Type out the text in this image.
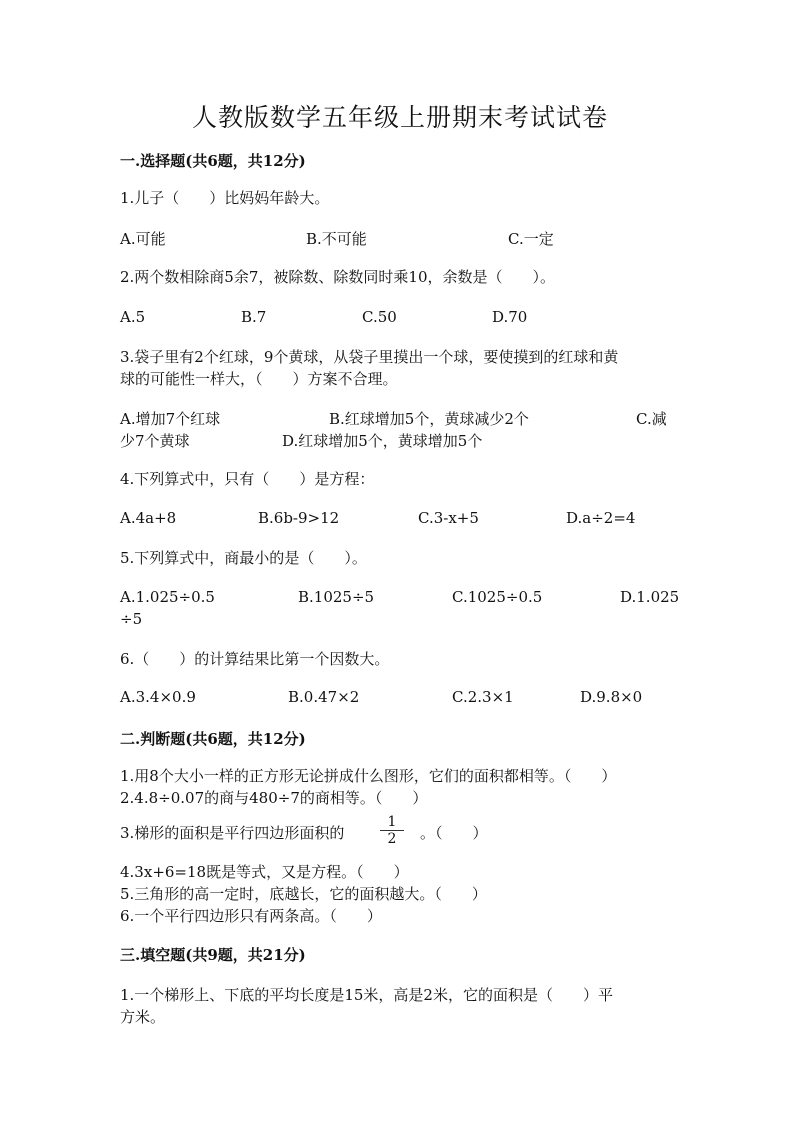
人教版数学五年级上册期末考试试卷
一.选择题(共6题，共12分)
1.儿子（　　）比妈妈年龄大。
A.可能	B.不可能	C.一定
2.两个数相除商5余7，被除数、除数同时乘10，余数是（　　）。
A.5	B.7	C.50	D.70
3.袋子里有2个红球，9个黄球，从袋子里摸出一个球，要使摸到的红球和黄
球的可能性一样大，（　　）方案不合理。
A.增加7个红球	B.红球增加5个，黄球减少2个	C.减
少7个黄球	D.红球增加5个，黄球增加5个
4.下列算式中，只有（　　）是方程：
A.4a+8	B.6b-9>12	C.3-x+5	D.a÷2=4
5.下列算式中，商最小的是（　　）。
A.1.025÷0.5	B.1025÷5	C.1025÷0.5	D.1.025
÷5
6.（　　）的计算结果比第一个因数大。
A.3.4×0.9	B.0.47×2	C.2.3×1	D.9.8×0
二.判断题(共6题，共12分)
1.用8个大小一样的正方形无论拼成什么图形，它们的面积都相等。（　　）
2.4.8÷0.07的商与480÷7的商相等。（　　）
3.梯形的面积是平行四边形面积的	$\frac{1}{2}$ 。（　　）
4.3x+6=18既是等式，又是方程。（　　）
5.三角形的高一定时，底越长，它的面积越大。（　　）
6.一个平行四边形只有两条高。（　　）
三.填空题(共9题，共21分)
1.一个梯形上、下底的平均长度是15米，高是2米，它的面积是（　　）平
方米。
